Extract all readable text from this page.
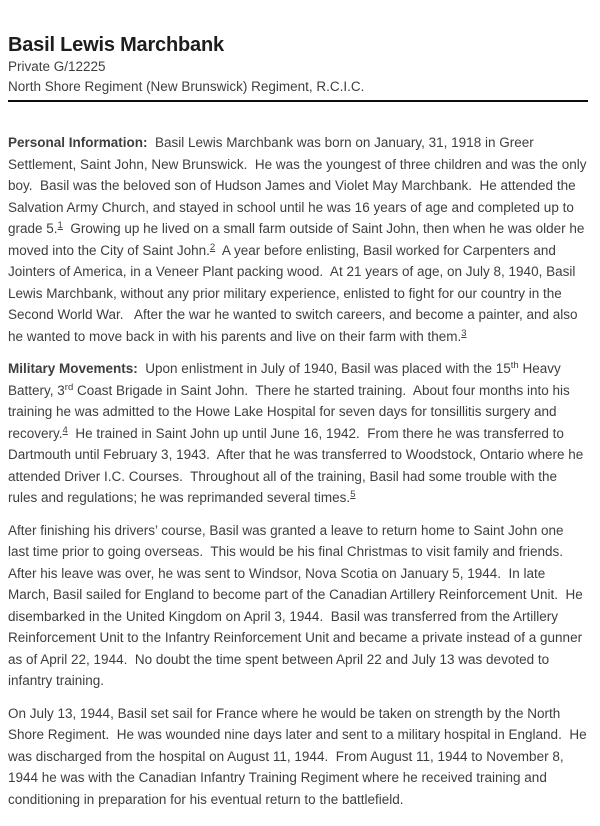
Basil Lewis Marchbank
Private G/12225
North Shore Regiment (New Brunswick) Regiment, R.C.I.C.

Personal Information:  Basil Lewis Marchbank was born on January, 31, 1918 in Greer Settlement, Saint John, New Brunswick.  He was the youngest of three children and was the only boy.  Basil was the beloved son of Hudson James and Violet May Marchbank.  He attended the Salvation Army Church, and stayed in school until he was 16 years of age and completed up to grade 5.$^1$  Growing up he lived on a small farm outside of Saint John, then when he was older he moved into the City of Saint John.$^2$  A year before enlisting, Basil worked for Carpenters and Jointers of America, in a Veneer Plant packing wood.  At 21 years of age, on July 8, 1940, Basil Lewis Marchbank, without any prior military experience, enlisted to fight for our country in the Second World War.   After the war he wanted to switch careers, and become a painter, and also he wanted to move back in with his parents and live on their farm with them.$^3$

Military Movements:  Upon enlistment in July of 1940, Basil was placed with the 15th Heavy Battery, 3rd Coast Brigade in Saint John.  There he started training.  About four months into his training he was admitted to the Howe Lake Hospital for seven days for tonsillitis surgery and recovery.$^4$  He trained in Saint John up until June 16, 1942.  From there he was transferred to Dartmouth until February 3, 1943.  After that he was transferred to Woodstock, Ontario where he attended Driver I.C. Courses.  Throughout all of the training, Basil had some trouble with the rules and regulations; he was reprimanded several times.$^5$

After finishing his drivers’ course, Basil was granted a leave to return home to Saint John one last time prior to going overseas.  This would be his final Christmas to visit family and friends.  After his leave was over, he was sent to Windsor, Nova Scotia on January 5, 1944.  In late March, Basil sailed for England to become part of the Canadian Artillery Reinforcement Unit.  He disembarked in the United Kingdom on April 3, 1944.  Basil was transferred from the Artillery Reinforcement Unit to the Infantry Reinforcement Unit and became a private instead of a gunner as of April 22, 1944.  No doubt the time spent between April 22 and July 13 was devoted to infantry training.

On July 13, 1944, Basil set sail for France where he would be taken on strength by the North Shore Regiment.  He was wounded nine days later and sent to a military hospital in England.  He was discharged from the hospital on August 11, 1944.  From August 11, 1944 to November 8, 1944 he was with the Canadian Infantry Training Regiment where he received training and conditioning in preparation for his eventual return to the battlefield.
